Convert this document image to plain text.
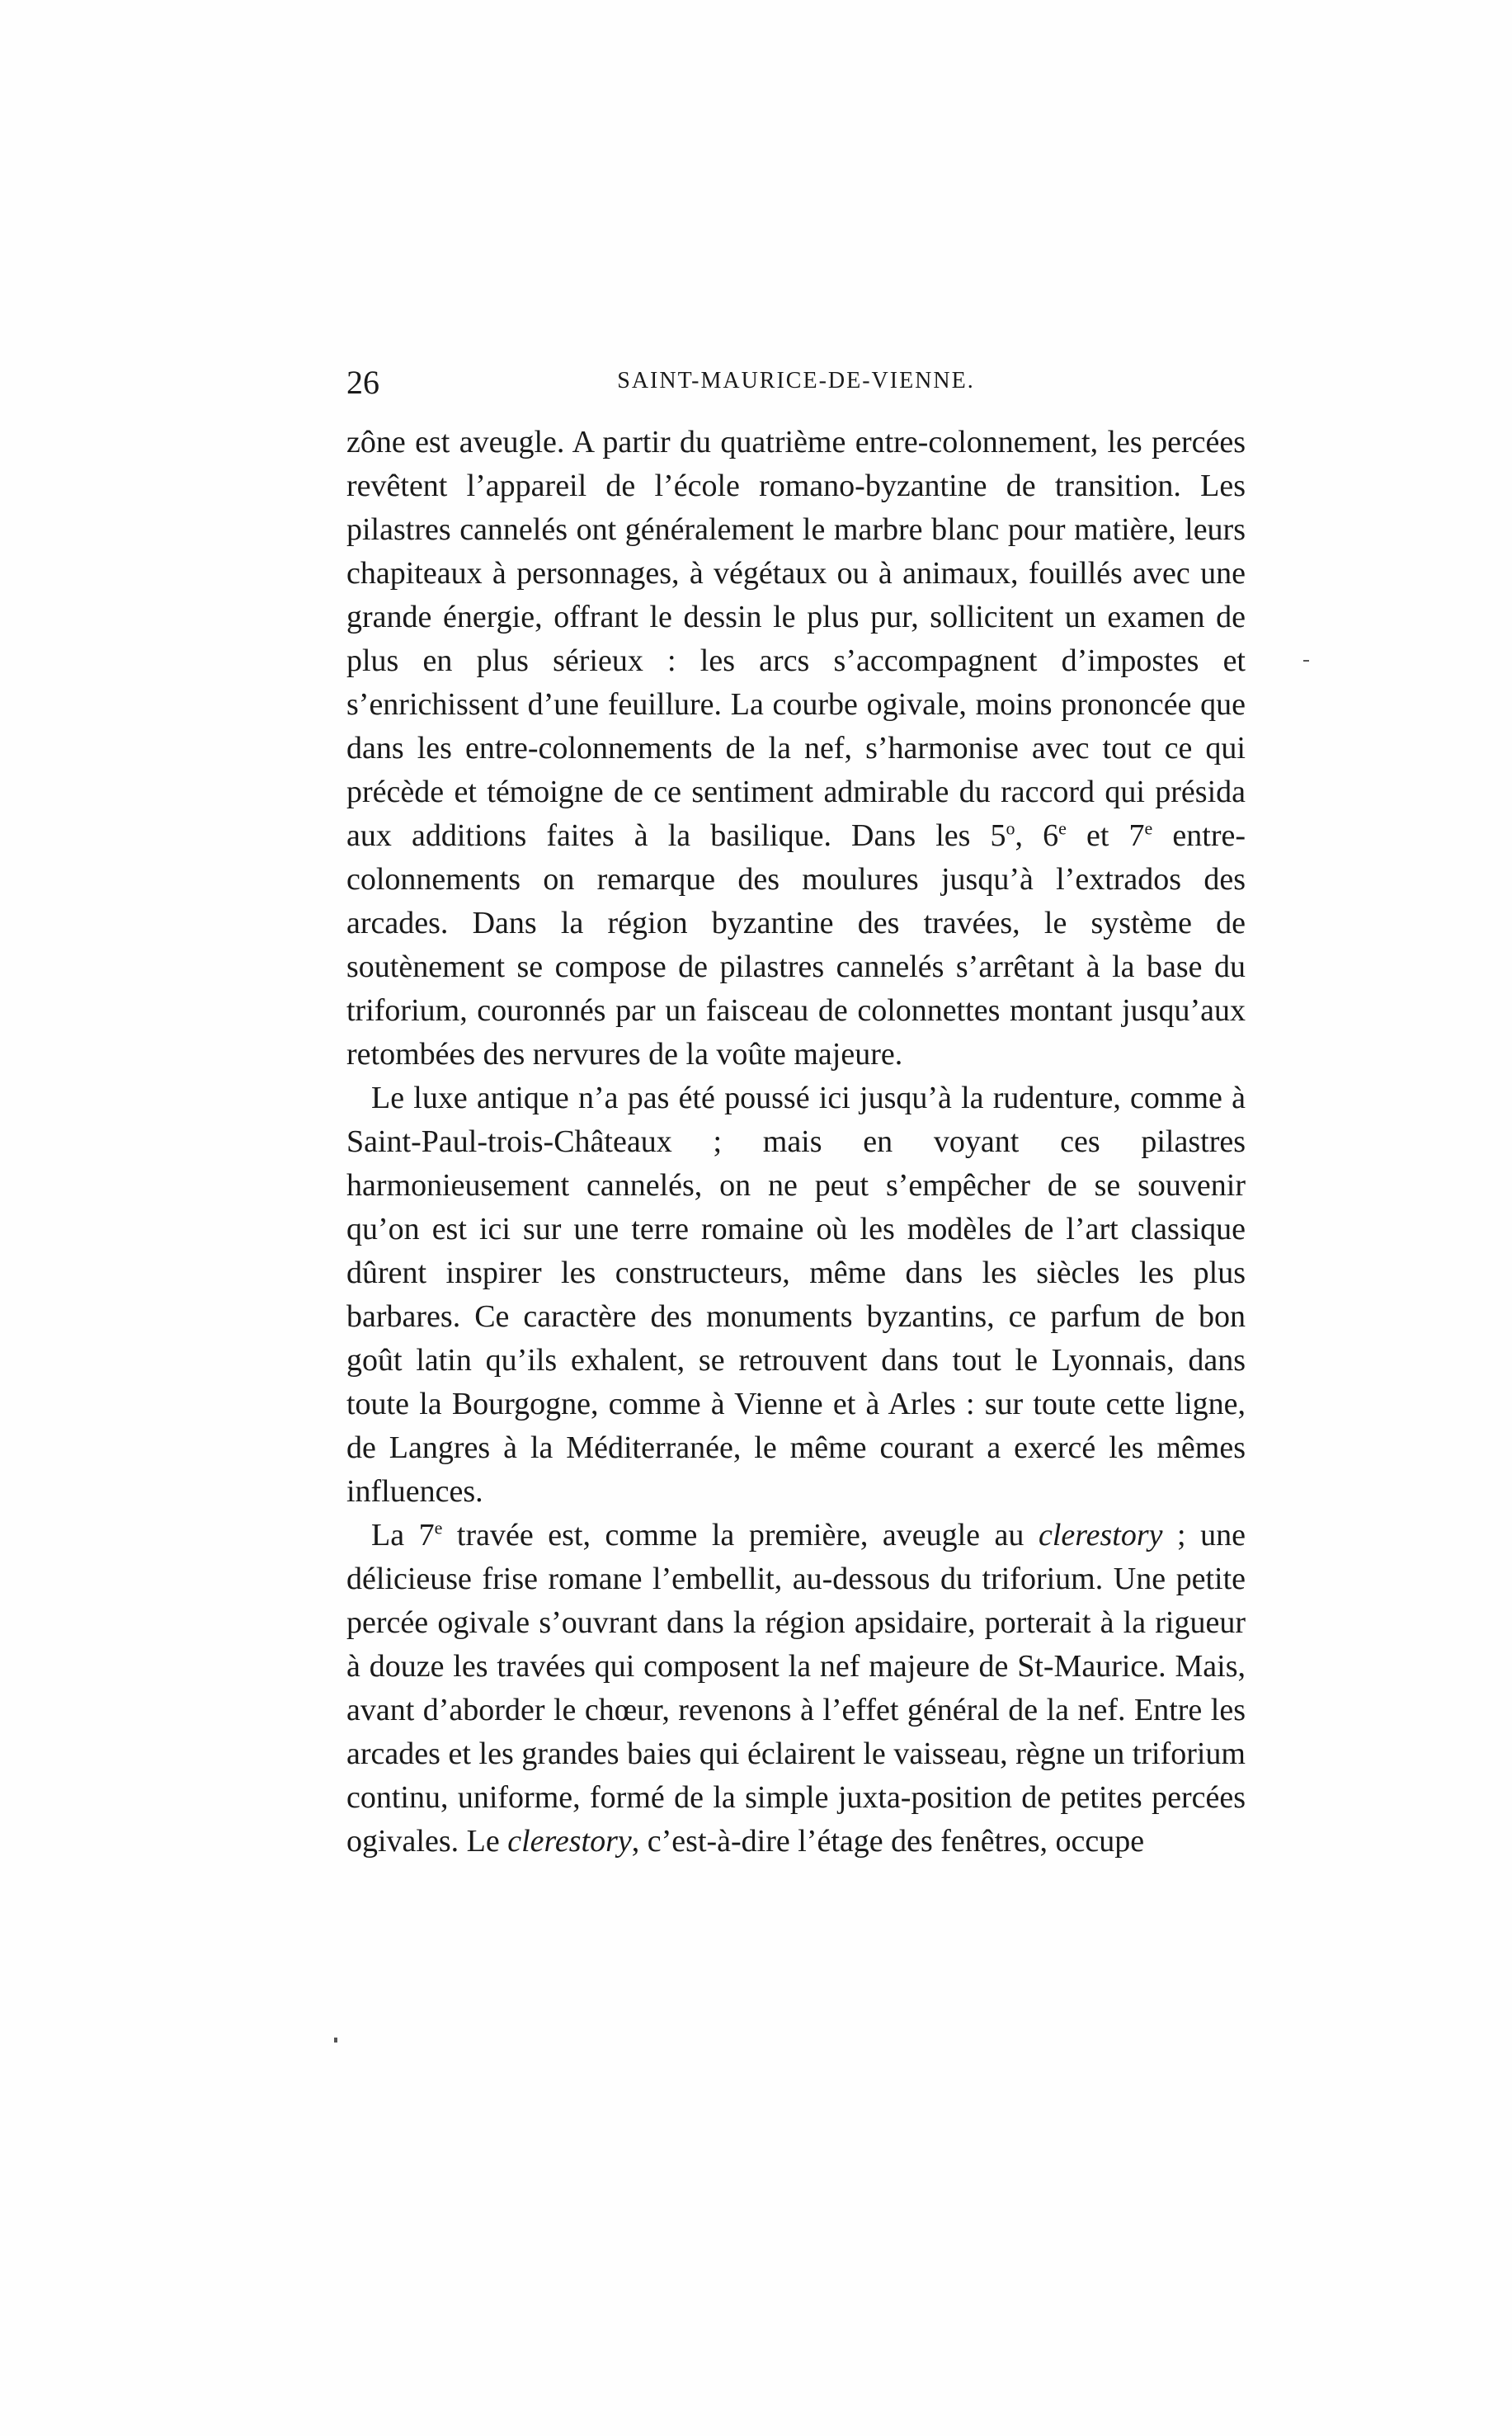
26	SAINT-MAURICE-DE-VIENNE.

zône est aveugle. A partir du quatrième entre-colonnement, les percées revêtent l’appareil de l’école romano-byzantine de transition. Les pilastres cannelés ont généralement le marbre blanc pour matière, leurs chapiteaux à personnages, à végétaux ou à animaux, fouillés avec une grande énergie, offrant le dessin le plus pur, sollicitent un examen de plus en plus sérieux : les arcs s’accompagnent d’impostes et s’enrichissent d’une feuillure. La courbe ogivale, moins prononcée que dans les entre-colonnements de la nef, s’harmonise avec tout ce qui précède et témoigne de ce sentiment admirable du raccord qui présida aux additions faites à la basilique. Dans les 5$^o$, 6e et 7e entre-colonnements on remarque des moulures jusqu’à l’extrados des arcades. Dans la région byzantine des travées, le système de soutènement se compose de pilastres cannelés s’arrêtant à la base du triforium, couronnés par un faisceau de colonnettes montant jusqu’aux retombées des nervures de la voûte majeure.

Le luxe antique n’a pas été poussé ici jusqu’à la rudenture, comme à Saint-Paul-trois-Châteaux ; mais en voyant ces pilastres harmonieusement cannelés, on ne peut s’empêcher de se souvenir qu’on est ici sur une terre romaine où les modèles de l’art classique dûrent inspirer les constructeurs, même dans les siècles les plus barbares. Ce caractère des monuments byzantins, ce parfum de bon goût latin qu’ils exhalent, se retrouvent dans tout le Lyonnais, dans toute la Bourgogne, comme à Vienne et à Arles : sur toute cette ligne, de Langres à la Méditerranée, le même courant a exercé les mêmes influences.

La 7e travée est, comme la première, aveugle au clerestory ; une délicieuse frise romane l’embellit, au-dessous du triforium. Une petite percée ogivale s’ouvrant dans la région apsidaire, porterait à la rigueur à douze les travées qui composent la nef majeure de St-Maurice. Mais, avant d’aborder le chœur, revenons à l’effet général de la nef. Entre les arcades et les grandes baies qui éclairent le vaisseau, règne un triforium continu, uniforme, formé de la simple juxta-position de petites percées ogivales. Le clerestory, c’est-à-dire l’étage des fenêtres, occupe
